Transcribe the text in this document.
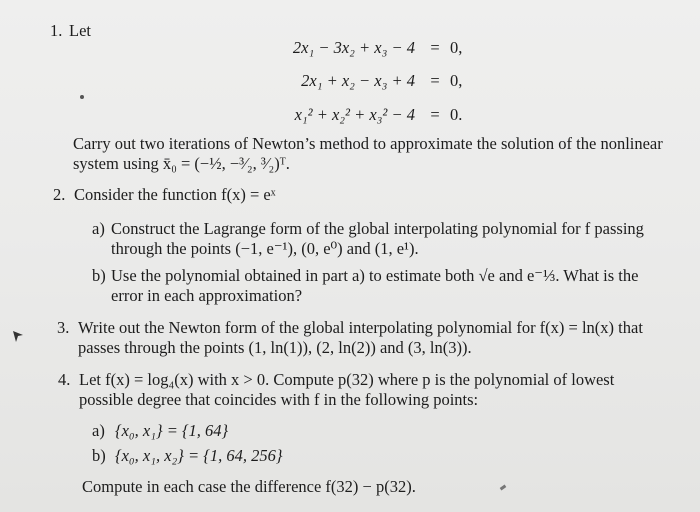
1. Let
2x₁ − 3x₂ + x₃ − 4 = 0,
2x₁ + x₂ − x₃ + 4 = 0,
x₁² + x₂² + x₃² − 4 = 0.
Carry out two iterations of Newton’s method to approximate the solution of the nonlinear
system using x̄₀ = (−½, −³⁄₂, ³⁄₂)ᵀ.
2. Consider the function f(x) = eˣ
a) Construct the Lagrange form of the global interpolating polynomial for f passing
through the points (−1, e⁻¹), (0, e⁰) and (1, e¹).
b) Use the polynomial obtained in part a) to estimate both √e and e⁻⅓. What is the
error in each approximation?
3. Write out the Newton form of the global interpolating polynomial for f(x) = ln(x) that
passes through the points (1, ln(1)), (2, ln(2)) and (3, ln(3)).
4. Let f(x) = log₄(x) with x > 0. Compute p(32) where p is the polynomial of lowest
possible degree that coincides with f in the following points:
a) {x₀, x₁} = {1, 64}
b) {x₀, x₁, x₂} = {1, 64, 256}
Compute in each case the difference f(32) − p(32).
